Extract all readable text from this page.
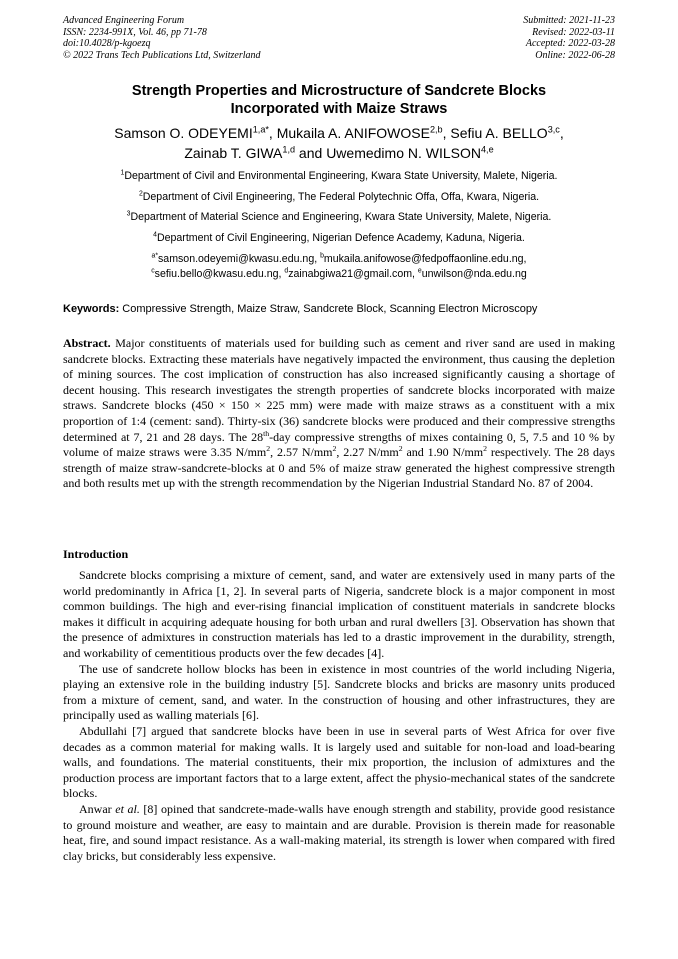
Advanced Engineering Forum
ISSN: 2234-991X, Vol. 46, pp 71-78
doi:10.4028/p-kgoezq
© 2022 Trans Tech Publications Ltd, Switzerland
Submitted: 2021-11-23
Revised: 2022-03-11
Accepted: 2022-03-28
Online: 2022-06-28
Strength Properties and Microstructure of Sandcrete Blocks
Incorporated with Maize Straws
Samson O. $ODEYEMI^{1,a*}$, Mukaila A. ANIFOWOSE$^{2,b}$, Sefiu A. BELLO$^{3,c}$,
Zainab T. GIWA$^{1,d}$ and Uwemedimo N. WILSON$^{4,e}$
$^1$Department of Civil and Environmental Engineering, Kwara State University, Malete, Nigeria.
$^2$Department of Civil Engineering, The Federal Polytechnic Offa, Offa, Kwara, Nigeria.
$^3$Department of Material Science and Engineering, Kwara State University, Malete, Nigeria.
$^4$Department of Civil Engineering, Nigerian Defence Academy, Kaduna, Nigeria.
$^{a*}$samson.odeyemi@kwasu.edu.ng, $^b$mukaila.anifowose@fedpoffaonline.edu.ng,
$^c$sefiu.bello@kwasu.edu.ng, $^d$zainabgiwa21@gmail.com, $^e$unwilson@nda.edu.ng
Keywords: Compressive Strength, Maize Straw, Sandcrete Block, Scanning Electron Microscopy

Abstract. Major constituents of materials used for building such as cement and river sand are used in making sandcrete blocks. Extracting these materials have negatively impacted the environment, thus causing the depletion of mining sources. The cost implication of construction has also increased significantly causing a shortage of decent housing. This research investigates the strength properties of sandcrete blocks incorporated with maize straws. Sandcrete blocks (450 × 150 × 225 mm) were made with maize straws as a constituent with a mix proportion of 1:4 (cement: sand). Thirty-six (36) sandcrete blocks were produced and their compressive strengths determined at 7, 21 and 28 days. The 28th-day compressive strengths of mixes containing 0, 5, 7.5 and 10 % by volume of maize straws were 3.35 $N/mm^2$, 2.57 $N/mm^2$, 2.27 $N/mm^2$ and 1.90 $N/mm^2$ respectively. The 28 days strength of maize straw-sandcrete-blocks at 0 and 5% of maize straw generated the highest compressive strength and both results met up with the strength recommendation by the Nigerian Industrial Standard No. 87 of 2004.

Introduction

Sandcrete blocks comprising a mixture of cement, sand, and water are extensively used in many parts of the world predominantly in Africa [1, 2]. In several parts of Nigeria, sandcrete block is a major component in most common buildings. The high and ever-rising financial implication of constituent materials in sandcrete blocks makes it difficult in acquiring adequate housing for both urban and rural dwellers [3]. Observation has shown that the presence of admixtures in construction materials has led to a drastic improvement in the durability, strength, and workability of cementitious products over the few decades [4].

The use of sandcrete hollow blocks has been in existence in most countries of the world including Nigeria, playing an extensive role in the building industry [5]. Sandcrete blocks and bricks are masonry units produced from a mixture of cement, sand, and water. In the construction of housing and other infrastructures, they are principally used as walling materials [6].

Abdullahi [7] argued that sandcrete blocks have been in use in several parts of West Africa for over five decades as a common material for making walls. It is largely used and suitable for non-load and load-bearing walls, and foundations. The material constituents, their mix proportion, the inclusion of admixtures and the production process are important factors that to a large extent, affect the physio-mechanical states of the sandcrete blocks.

Anwar et al. [8] opined that sandcrete-made-walls have enough strength and stability, provide good resistance to ground moisture and weather, are easy to maintain and are durable. Provision is therein made for reasonable heat, fire, and sound impact resistance. As a wall-making material, its strength is lower when compared with fired clay bricks, but considerably less expensive.
